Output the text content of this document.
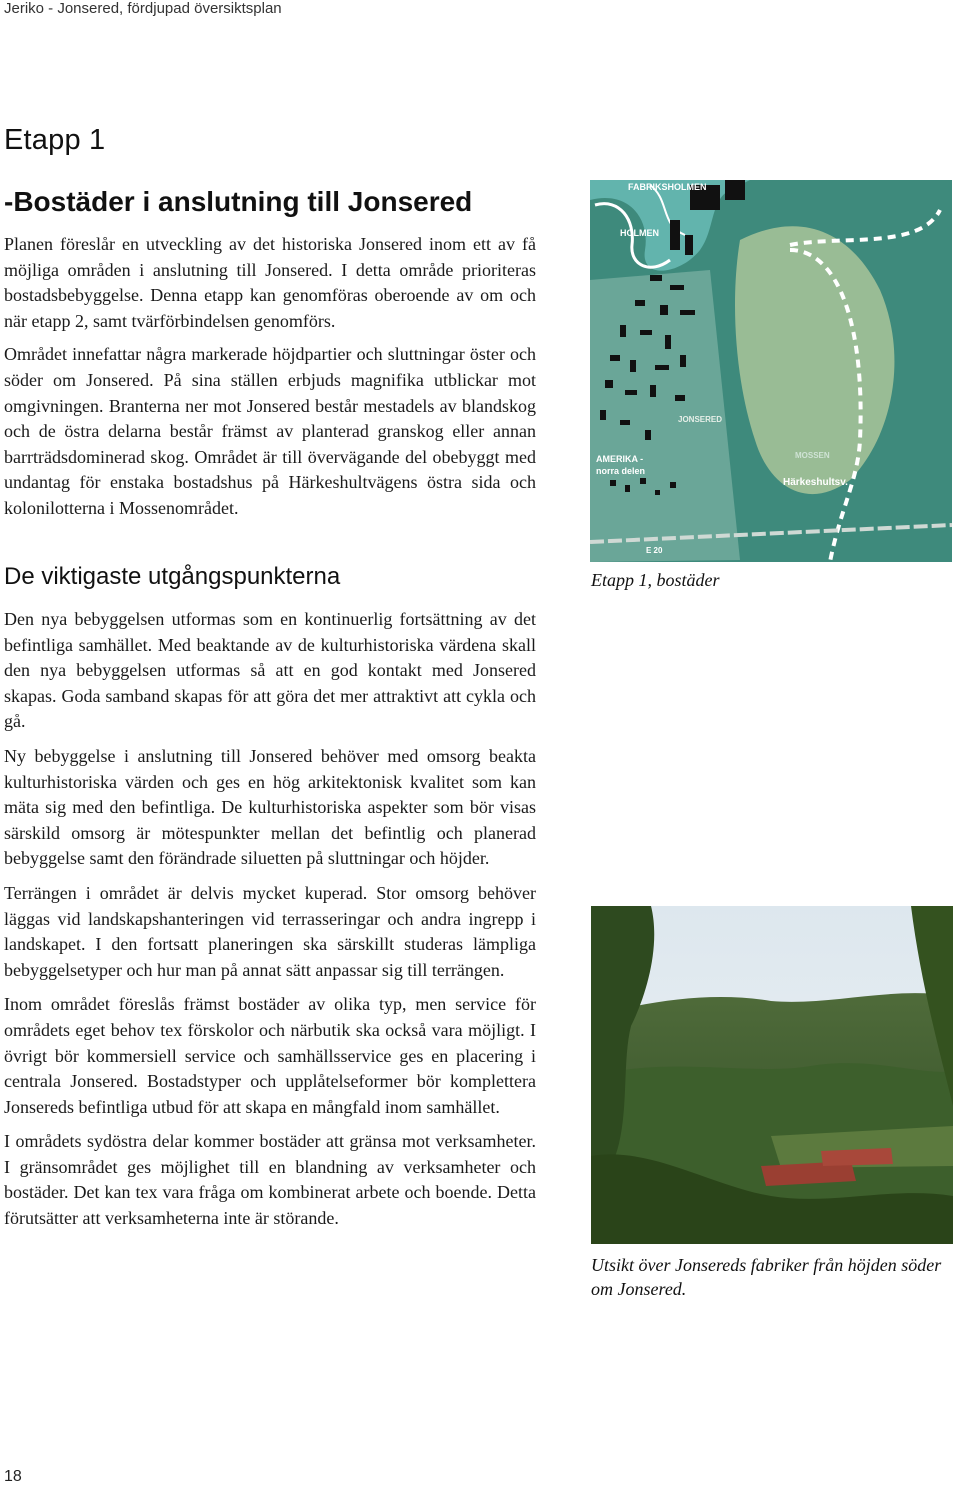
Jeriko - Jonsered, fördjupad översiktsplan
Etapp 1
-Bostäder i anslutning till Jonsered

Planen föreslår en utveckling av det historiska Jonsered inom ett av få möjliga områden i anslutning till Jonsered. I detta område prioriteras bostadsbebyggelse. Denna etapp kan genomföras oberoende av om och när etapp 2, samt tvärförbindelsen genomförs.

Området innefattar några markerade höjdpartier och sluttningar öster och söder om Jonsered. På sina ställen erbjuds magnifika utblickar mot omgivningen. Branterna ner mot Jonsered består mestadels av blandskog och de östra delarna består främst av planterad granskog eller annan barrträdsdominerad skog. Området är till övervägande del obebyggt med undantag för enstaka bostadshus på Härkeshultvägens östra sida och kolonilotterna i Mossenområdet.

De viktigaste utgångspunkterna

Den nya bebyggelsen utformas som en kontinuerlig fortsättning av det befintliga samhället. Med beaktande av de kulturhistoriska värdena skall den nya bebyggelsen utformas så att en god kontakt med Jonsered skapas. Goda samband skapas för att göra det mer attraktivt att cykla och gå.

Ny bebyggelse i anslutning till Jonsered behöver med omsorg beakta kulturhistoriska värden och ges en hög arkitektonisk kvalitet som kan mäta sig med den befintliga. De kulturhistoriska aspekter som bör visas särskild omsorg är mötespunkter mellan det befintlig och planerad bebyggelse samt den förändrade siluetten på sluttningar och höjder.

Terrängen i området är delvis mycket kuperad. Stor omsorg behöver läggas vid landskapshanteringen vid terrasseringar och andra ingrepp i landskapet. I den fortsatt planeringen ska särskillt studeras lämpliga bebyggelsetyper och hur man på annat sätt anpassar sig till terrängen.

Inom området föreslås främst bostäder av olika typ, men service för områdets eget behov tex förskolor och närbutik ska också vara möjligt. I övrigt bör kommersiell service och samhällsservice ges en placering i centrala Jonsered. Bostadstyper och upplåtelseformer bör komplettera Jonsereds befintliga utbud för att skapa en mångfald inom samhället.

I områdets sydöstra delar kommer bostäder att gränsa mot verksamheter. I gränsområdet ges möjlighet till en blandning av verksamheter och bostäder. Det kan tex vara fråga om kombinerat arbete och boende. Detta förutsätter att verksamheterna inte är störande.

FABRIKSHOLMEN
HOLMEN
JONSERED
AMERIKA -
norra delen
MOSSEN
Härkeshultsv.
E 20

Etapp 1, bostäder

Utsikt över Jonsereds fabriker från höjden söder om Jonsered.

18
